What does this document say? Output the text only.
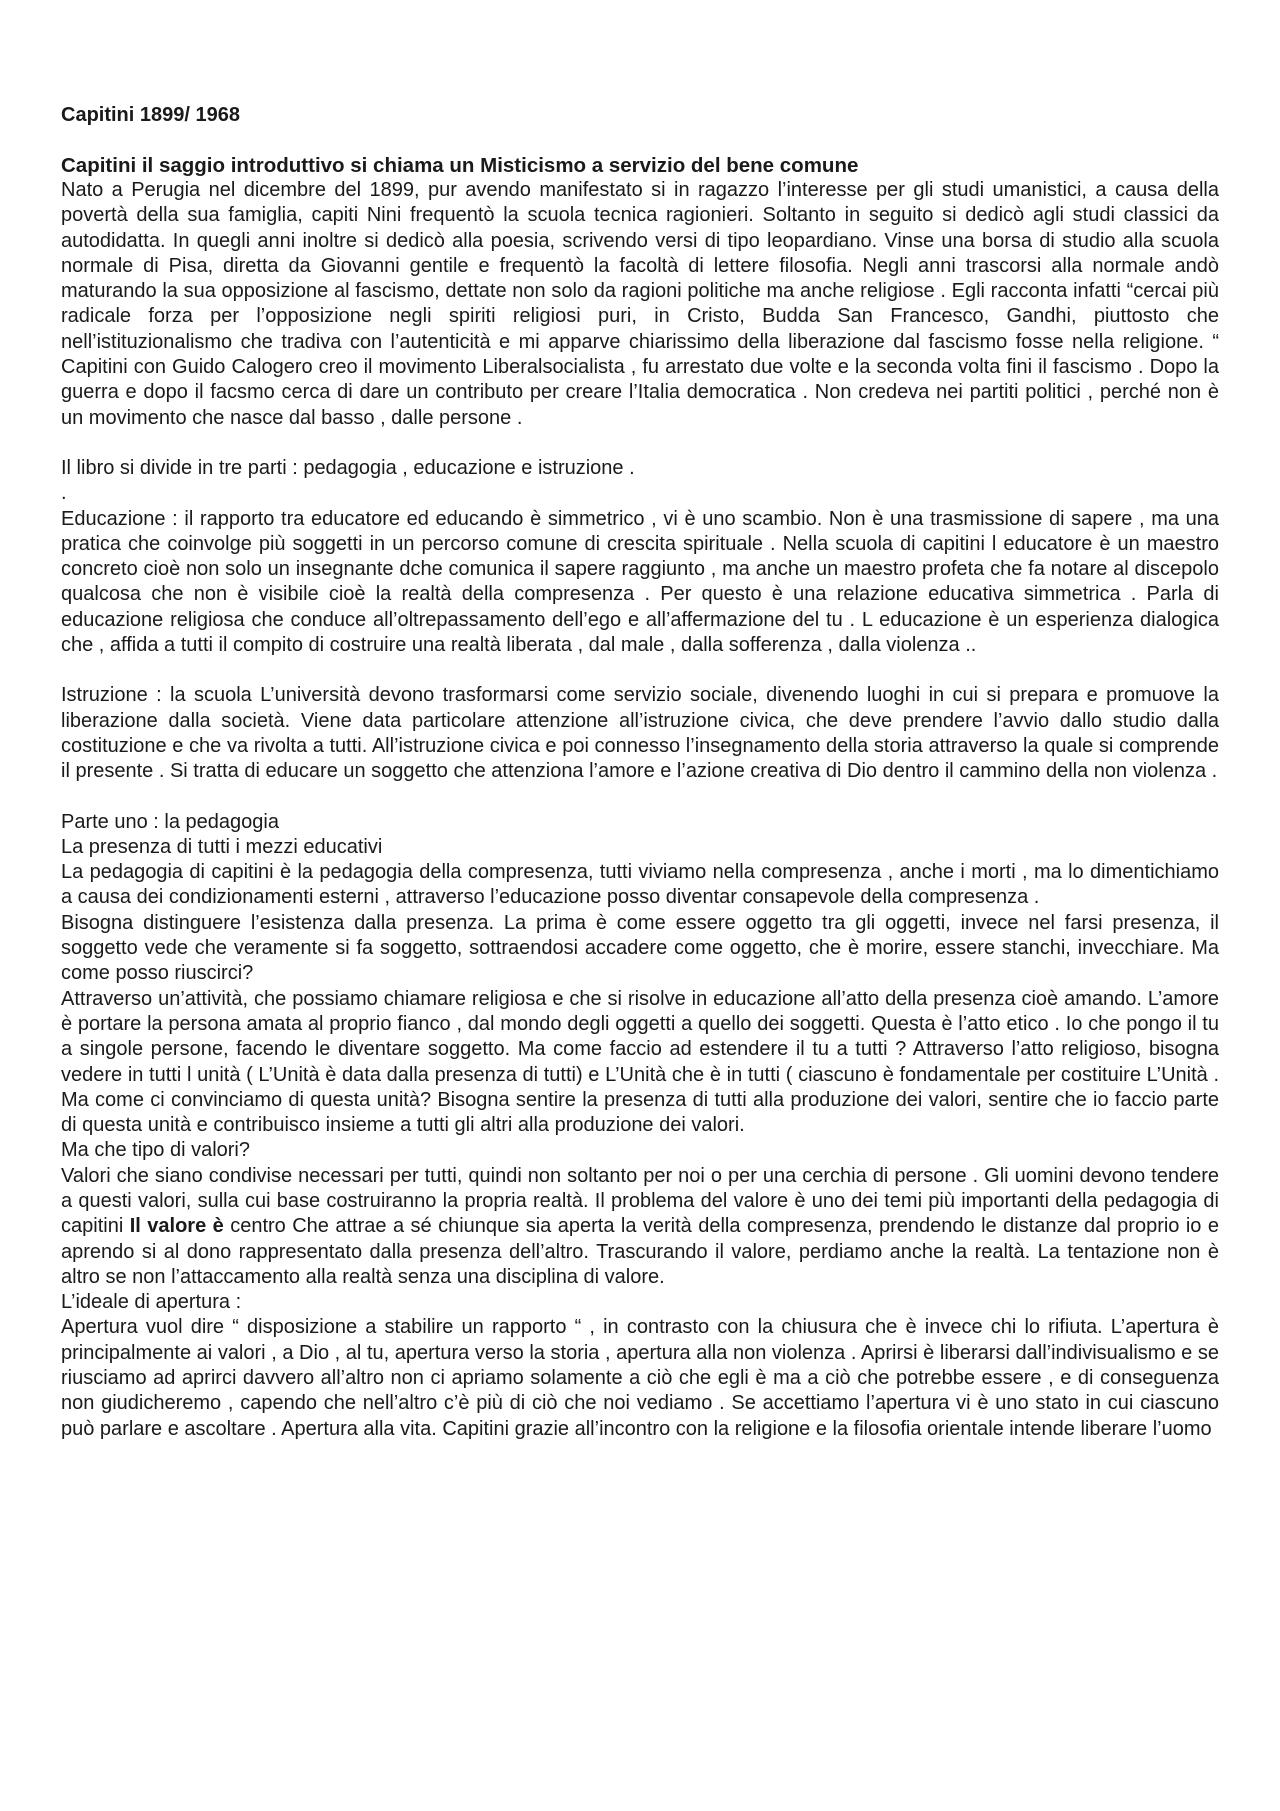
Capitini 1899/ 1968
Capitini il saggio introduttivo si chiama un Misticismo a servizio del bene comune

Nato a Perugia nel dicembre del 1899, pur avendo manifestato si in ragazzo l’interesse per gli studi umanistici, a causa della povertà della sua famiglia, capiti Nini frequentò la scuola tecnica ragionieri. Soltanto in seguito si dedicò agli studi classici da autodidatta. In quegli anni inoltre si dedicò alla poesia, scrivendo versi di tipo leopardiano. Vinse una borsa di studio alla scuola normale di Pisa, diretta da Giovanni gentile e frequentò la facoltà di lettere filosofia. Negli anni trascorsi alla normale andò maturando la sua opposizione al fascismo, dettate non solo da ragioni politiche ma anche religiose . Egli racconta infatti “cercai più radicale forza per l’opposizione negli spiriti religiosi puri, in Cristo, Budda San Francesco, Gandhi, piuttosto che nell’istituzionalismo che tradiva con l’autenticità e mi apparve chiarissimo della liberazione dal fascismo fosse nella religione. “ Capitini con Guido Calogero creo il movimento Liberalsocialista , fu arrestato due volte e la seconda volta fini il fascismo . Dopo la guerra e dopo il facsmo cerca di dare un contributo per creare l’Italia democratica . Non credeva nei partiti politici , perché non è un movimento che nasce dal basso , dalle persone .

Il libro si divide in tre parti : pedagogia , educazione e istruzione .

.

Educazione : il rapporto tra educatore ed educando è simmetrico , vi è uno scambio. Non è una trasmissione di sapere , ma una pratica che coinvolge più soggetti in un percorso comune di crescita spirituale . Nella scuola di capitini l educatore è un maestro concreto cioè non solo un insegnante dche comunica il sapere raggiunto , ma anche un maestro profeta che fa notare al discepolo qualcosa che non è visibile cioè la realtà della compresenza . Per questo è una relazione educativa simmetrica . Parla di educazione religiosa che conduce all’oltrepassamento dell’ego e all’affermazione del tu . L educazione è un esperienza dialogica che , affida a tutti il compito di costruire una realtà liberata , dal male , dalla sofferenza , dalla violenza ..

Istruzione : la scuola L’università devono trasformarsi come servizio sociale, divenendo luoghi in cui si prepara e promuove la liberazione dalla società. Viene data particolare attenzione all’istruzione civica, che deve prendere l’avvio dallo studio dalla costituzione e che va rivolta a tutti. All’istruzione civica e poi connesso l’insegnamento della storia attraverso la quale si comprende il presente . Si tratta di educare un soggetto che attenziona l’amore e l’azione creativa di Dio dentro il cammino della non violenza .

Parte uno : la pedagogia

La presenza di tutti i mezzi educativi

La pedagogia di capitini è la pedagogia della compresenza, tutti viviamo nella compresenza , anche i morti , ma lo dimentichiamo a causa dei condizionamenti esterni , attraverso l’educazione posso diventar consapevole della compresenza .

Bisogna distinguere l’esistenza dalla presenza. La prima è come essere oggetto tra gli oggetti, invece nel farsi presenza, il soggetto vede che veramente si fa soggetto, sottraendosi accadere come oggetto, che è morire, essere stanchi, invecchiare. Ma come posso riuscirci?

Attraverso un’attività, che possiamo chiamare religiosa e che si risolve in educazione all’atto della presenza cioè amando. L’amore è portare la persona amata al proprio fianco , dal mondo degli oggetti a quello dei soggetti. Questa è l’atto etico . Io che pongo il tu a singole persone, facendo le diventare soggetto. Ma come faccio ad estendere il tu a tutti ? Attraverso l’atto religioso, bisogna vedere in tutti l unità ( L’Unità è data dalla presenza di tutti) e L’Unità che è in tutti ( ciascuno è fondamentale per costituire L’Unità . Ma come ci convinciamo di questa unità? Bisogna sentire la presenza di tutti alla produzione dei valori, sentire che io faccio parte di questa unità e contribuisco insieme a tutti gli altri alla produzione dei valori.

Ma che tipo di valori?

Valori che siano condivise necessari per tutti, quindi non soltanto per noi o per una cerchia di persone . Gli uomini devono tendere a questi valori, sulla cui base costruiranno la propria realtà. Il problema del valore è uno dei temi più importanti della pedagogia di capitini Il valore è centro Che attrae a sé chiunque sia aperta la verità della compresenza, prendendo le distanze dal proprio io e aprendo si al dono rappresentato dalla presenza dell’altro. Trascurando il valore, perdiamo anche la realtà. La tentazione non è altro se non l’attaccamento alla realtà senza una disciplina di valore.

L’ideale di apertura :

Apertura vuol dire “ disposizione a stabilire un rapporto “ , in contrasto con la chiusura che è invece chi lo rifiuta. L’apertura è principalmente ai valori , a Dio , al tu, apertura verso la storia , apertura alla non violenza . Aprirsi è liberarsi dall’indivisualismo e se riusciamo ad aprirci davvero all’altro non ci apriamo solamente a ciò che egli è ma a ciò che potrebbe essere , e di conseguenza non giudicheremo , capendo che nell’altro c’è più di ciò che noi vediamo . Se accettiamo l’apertura vi è uno stato in cui ciascuno può parlare e ascoltare . Apertura alla vita. Capitini grazie all’incontro con la religione e la filosofia orientale intende liberare l’uomo
